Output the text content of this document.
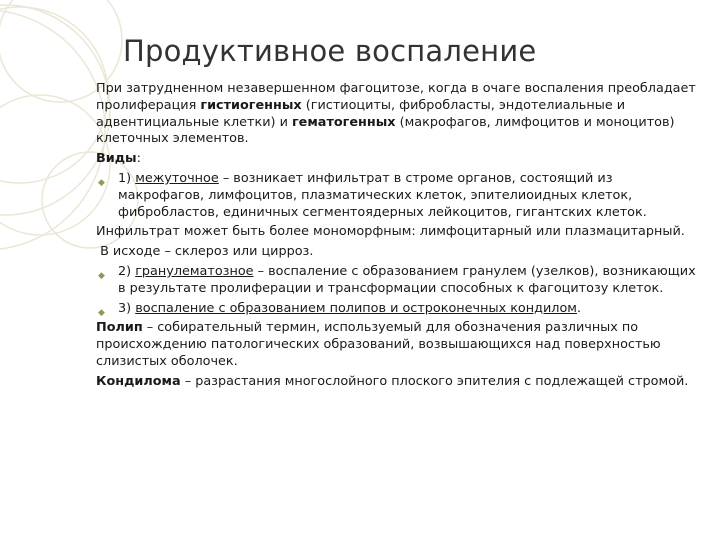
Продуктивное воспаление

При затрудненном незавершенном фагоцитозе, когда в очаге воспаления преобладает пролиферация гистиогенных (гистиоциты, фибробласты, эндотелиальные и адвентициальные клетки) и гематогенных (макрофагов, лимфоцитов и моноцитов) клеточных элементов.

Виды:

◆ 1) межуточное – возникает инфильтрат в строме органов, состоящий из макрофагов, лимфоцитов, плазматических клеток, эпителиоидных клеток, фибробластов, единичных сегментоядерных лейкоцитов, гигантских клеток.

Инфильтрат может быть более мономорфным: лимфоцитарный или плазмацитарный.

В исходе – склероз или цирроз.

◆ 2) гранулематозное – воспаление с образованием гранулем (узелков), возникающих в результате пролиферации и трансформации способных к фагоцитозу клеток.
◆ 3) воспаление с образованием полипов и остроконечных кондилом.

Полип – собирательный термин, используемый для обозначения различных по происхождению патологических образований, возвышающихся над поверхностью слизистых оболочек.

Кондилома – разрастания многослойного плоского эпителия с подлежащей стромой.
